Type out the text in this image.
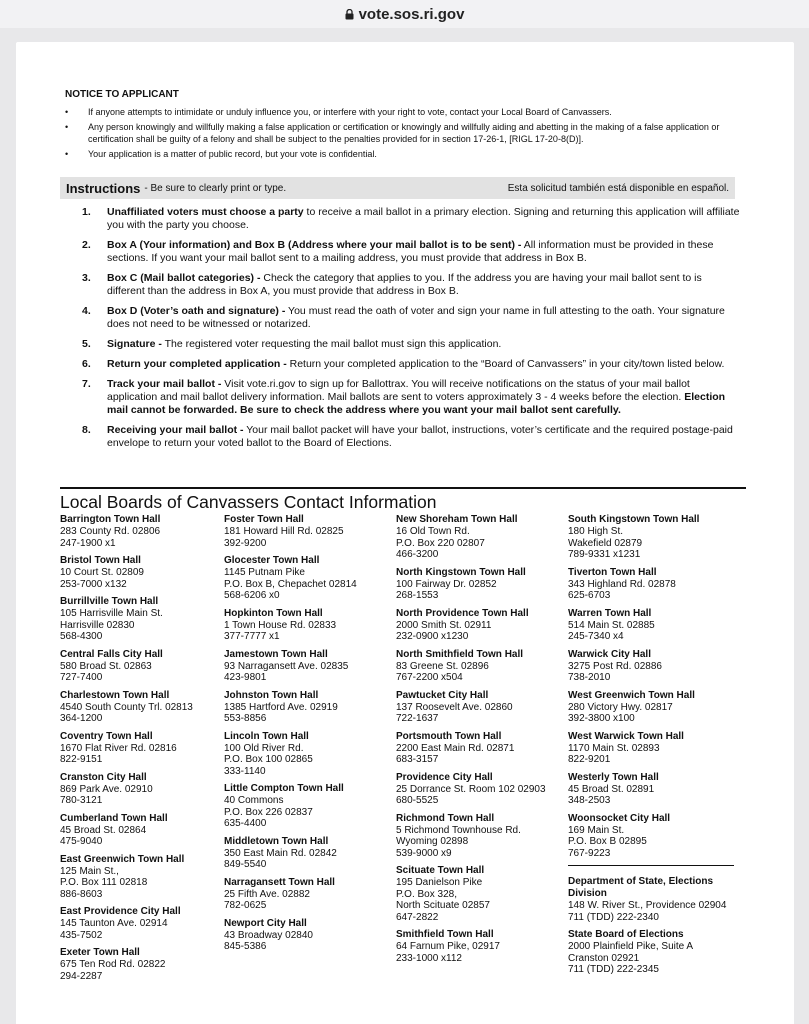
vote.sos.ri.gov
NOTICE TO APPLICANT
• If anyone attempts to intimidate or unduly influence you, or interfere with your right to vote, contact your Local Board of Canvassers.
• Any person knowingly and willfully making a false application or certification or knowingly and willfully aiding and abetting in the making of a false application or certification shall be guilty of a felony and shall be subject to the penalties provided for in section 17-26-1, [RIGL 17-20-8(D)].
• Your application is a matter of public record, but your vote is confidential.
Instructions - Be sure to clearly print or type.	Esta solicitud también está disponible en español.
1. Unaffiliated voters must choose a party to receive a mail ballot in a primary election. Signing and returning this application will affiliate you with the party you choose.
2. Box A (Your information) and Box B (Address where your mail ballot is to be sent) - All information must be provided in these sections. If you want your mail ballot sent to a mailing address, you must provide that address in Box B.
3. Box C (Mail ballot categories) - Check the category that applies to you. If the address you are having your mail ballot sent to is different than the address in Box A, you must provide that address in Box B.
4. Box D (Voter’s oath and signature) - You must read the oath of voter and sign your name in full attesting to the oath. Your signature does not need to be witnessed or notarized.
5. Signature - The registered voter requesting the mail ballot must sign this application.
6. Return your completed application - Return your completed application to the “Board of Canvassers” in your city/town listed below.
7. Track your mail ballot - Visit vote.ri.gov to sign up for Ballottrax. You will receive notifications on the status of your mail ballot application and mail ballot delivery information. Mail ballots are sent to voters approximately 3 - 4 weeks before the election. Election mail cannot be forwarded. Be sure to check the address where you want your mail ballot sent carefully.
8. Receiving your mail ballot - Your mail ballot packet will have your ballot, instructions, voter’s certificate and the required postage-paid envelope to return your voted ballot to the Board of Elections.
Local Boards of Canvassers Contact Information
Barrington Town Hall
283 County Rd. 02806
247-1900 x1
Bristol Town Hall
10 Court St. 02809
253-7000 x132
Burrillville Town Hall
105 Harrisville Main St.
Harrisville 02830
568-4300
Central Falls City Hall
580 Broad St. 02863
727-7400
Charlestown Town Hall
4540 South County Trl. 02813
364-1200
Coventry Town Hall
1670 Flat River Rd. 02816
822-9151
Cranston City Hall
869 Park Ave. 02910
780-3121
Cumberland Town Hall
45 Broad St. 02864
475-9040
East Greenwich Town Hall
125 Main St.,
P.O. Box 111 02818
886-8603
East Providence City Hall
145 Taunton Ave. 02914
435-7502
Exeter Town Hall
675 Ten Rod Rd. 02822
294-2287
Foster Town Hall
181 Howard Hill Rd. 02825
392-9200
Glocester Town Hall
1145 Putnam Pike
P.O. Box B, Chepachet 02814
568-6206 x0
Hopkinton Town Hall
1 Town House Rd. 02833
377-7777 x1
Jamestown Town Hall
93 Narragansett Ave. 02835
423-9801
Johnston Town Hall
1385 Hartford Ave. 02919
553-8856
Lincoln Town Hall
100 Old River Rd.
P.O. Box 100 02865
333-1140
Little Compton Town Hall
40 Commons
P.O. Box 226 02837
635-4400
Middletown Town Hall
350 East Main Rd. 02842
849-5540
Narragansett Town Hall
25 Fifth Ave. 02882
782-0625
Newport City Hall
43 Broadway 02840
845-5386
New Shoreham Town Hall
16 Old Town Rd.
P.O. Box 220 02807
466-3200
North Kingstown Town Hall
100 Fairway Dr. 02852
268-1553
North Providence Town Hall
2000 Smith St. 02911
232-0900 x1230
North Smithfield Town Hall
83 Greene St. 02896
767-2200 x504
Pawtucket City Hall
137 Roosevelt Ave. 02860
722-1637
Portsmouth Town Hall
2200 East Main Rd. 02871
683-3157
Providence City Hall
25 Dorrance St. Room 102 02903
680-5525
Richmond Town Hall
5 Richmond Townhouse Rd.
Wyoming 02898
539-9000 x9
Scituate Town Hall
195 Danielson Pike
P.O. Box 328,
North Scituate 02857
647-2822
Smithfield Town Hall
64 Farnum Pike, 02917
233-1000 x112
South Kingstown Town Hall
180 High St.
Wakefield 02879
789-9331 x1231
Tiverton Town Hall
343 Highland Rd. 02878
625-6703
Warren Town Hall
514 Main St. 02885
245-7340 x4
Warwick City Hall
3275 Post Rd. 02886
738-2010
West Greenwich Town Hall
280 Victory Hwy. 02817
392-3800 x100
West Warwick Town Hall
1170 Main St. 02893
822-9201
Westerly Town Hall
45 Broad St. 02891
348-2503
Woonsocket City Hall
169 Main St.
P.O. Box B 02895
767-9223
Department of State, Elections Division
148 W. River St., Providence 02904
711 (TDD) 222-2340
State Board of Elections
2000 Plainfield Pike, Suite A
Cranston 02921
711 (TDD) 222-2345
